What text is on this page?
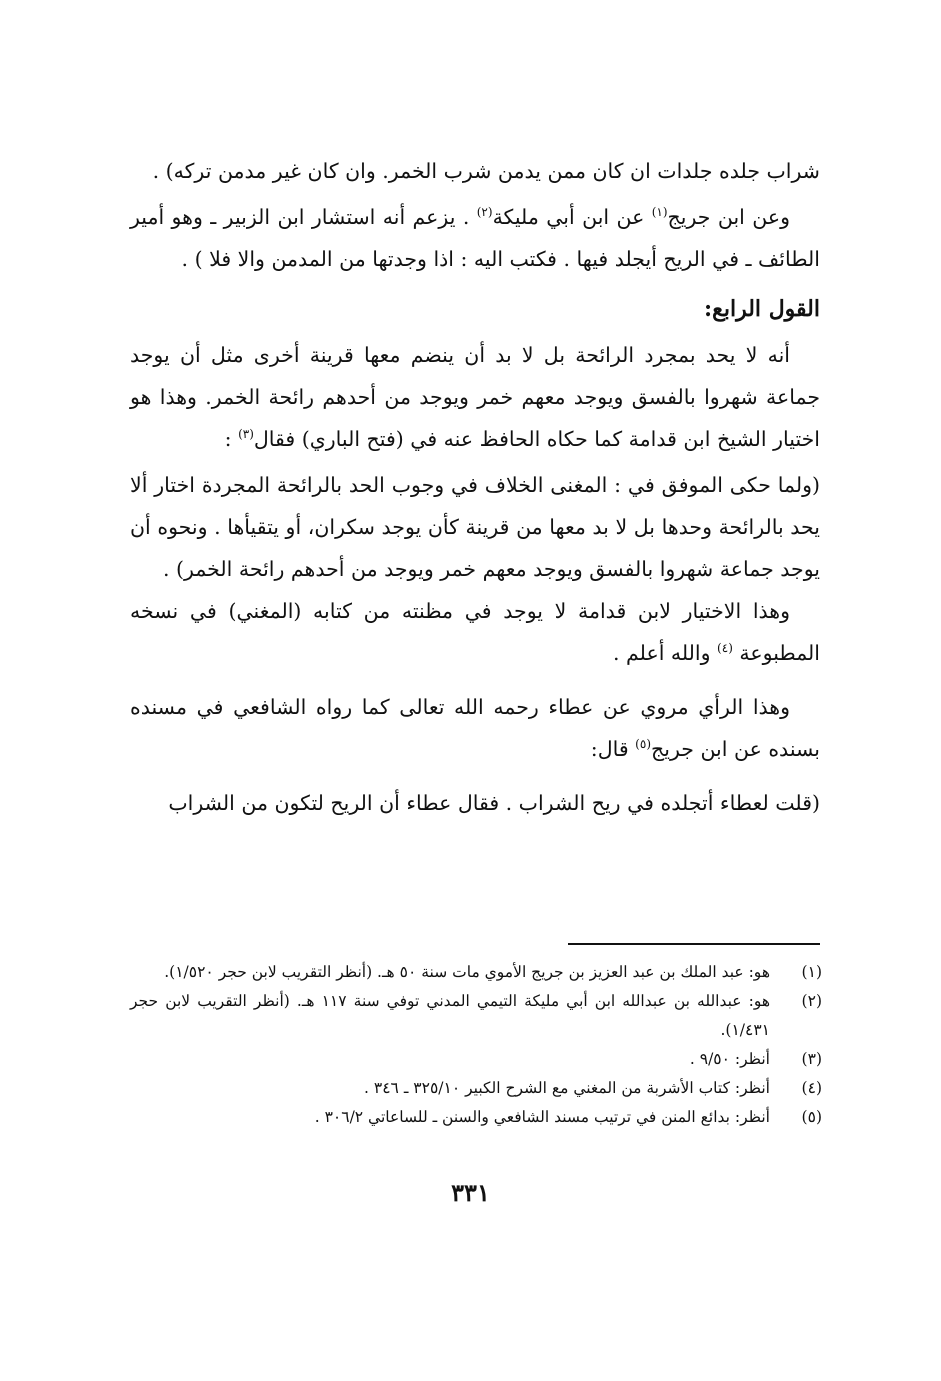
شراب جلده جلدات ان كان ممن يدمن شرب الخمر. وان كان غير مدمن تركه) .

وعن ابن جريج$^{(١)}$ عن ابن أبي مليكة$^{(٢)}$ . يزعم أنه استشار ابن الزبير ـ وهو أمير الطائف ـ في الريح أيجلد فيها . فكتب اليه : اذا وجدتها من المدمن والا فلا ) .

القول الرابع:

أنه لا يحد بمجرد الرائحة بل لا بد أن ينضم معها قرينة أخرى مثل أن يوجد جماعة شهروا بالفسق ويوجد معهم خمر ويوجد من أحدهم رائحة الخمر. وهذا هو اختيار الشيخ ابن قدامة كما حكاه الحافظ عنه في (فتح الباري) فقال$^{(٣)}$ :

(ولما حكى الموفق في : المغنى الخلاف في وجوب الحد بالرائحة المجردة اختار ألا يحد بالرائحة وحدها بل لا بد معها من قرينة كأن يوجد سكران، أو يتقيأها . ونحوه أن يوجد جماعة شهروا بالفسق ويوجد معهم خمر ويوجد من أحدهم رائحة الخمر) .

وهذا الاختيار لابن قدامة لا يوجد في مظنته من كتابه (المغني) في نسخه المطبوعة $^{(٤)}$ والله أعلم .

وهذا الرأي مروي عن عطاء رحمه الله تعالى كما رواه الشافعي في مسنده بسنده عن ابن جريج$^{(٥)}$ قال:

(قلت لعطاء أتجلده في ريح الشراب . فقال عطاء أن الريح لتكون من الشراب

(١)
هو: عبد الملك بن عبد العزيز بن جريج الأموي مات سنة ٥٠ هـ. (أنظر التقريب لابن حجر ١/٥٢٠).
(٢)
هو: عبدالله بن عبدالله ابن أبي مليكة التيمي المدني توفي سنة ١١٧ هـ. (أنظر التقريب لابن حجر ١/٤٣١).
(٣)
أنظر: ٩/٥٠ .
(٤)
أنظر: كتاب الأشربة من المغني مع الشرح الكبير ٣٢٥/١٠ ـ ٣٤٦ .
(٥)
أنظر: بدائع المنن في ترتيب مسند الشافعي والسنن ـ للساعاتي ٣٠٦/٢ .
٣٣١
